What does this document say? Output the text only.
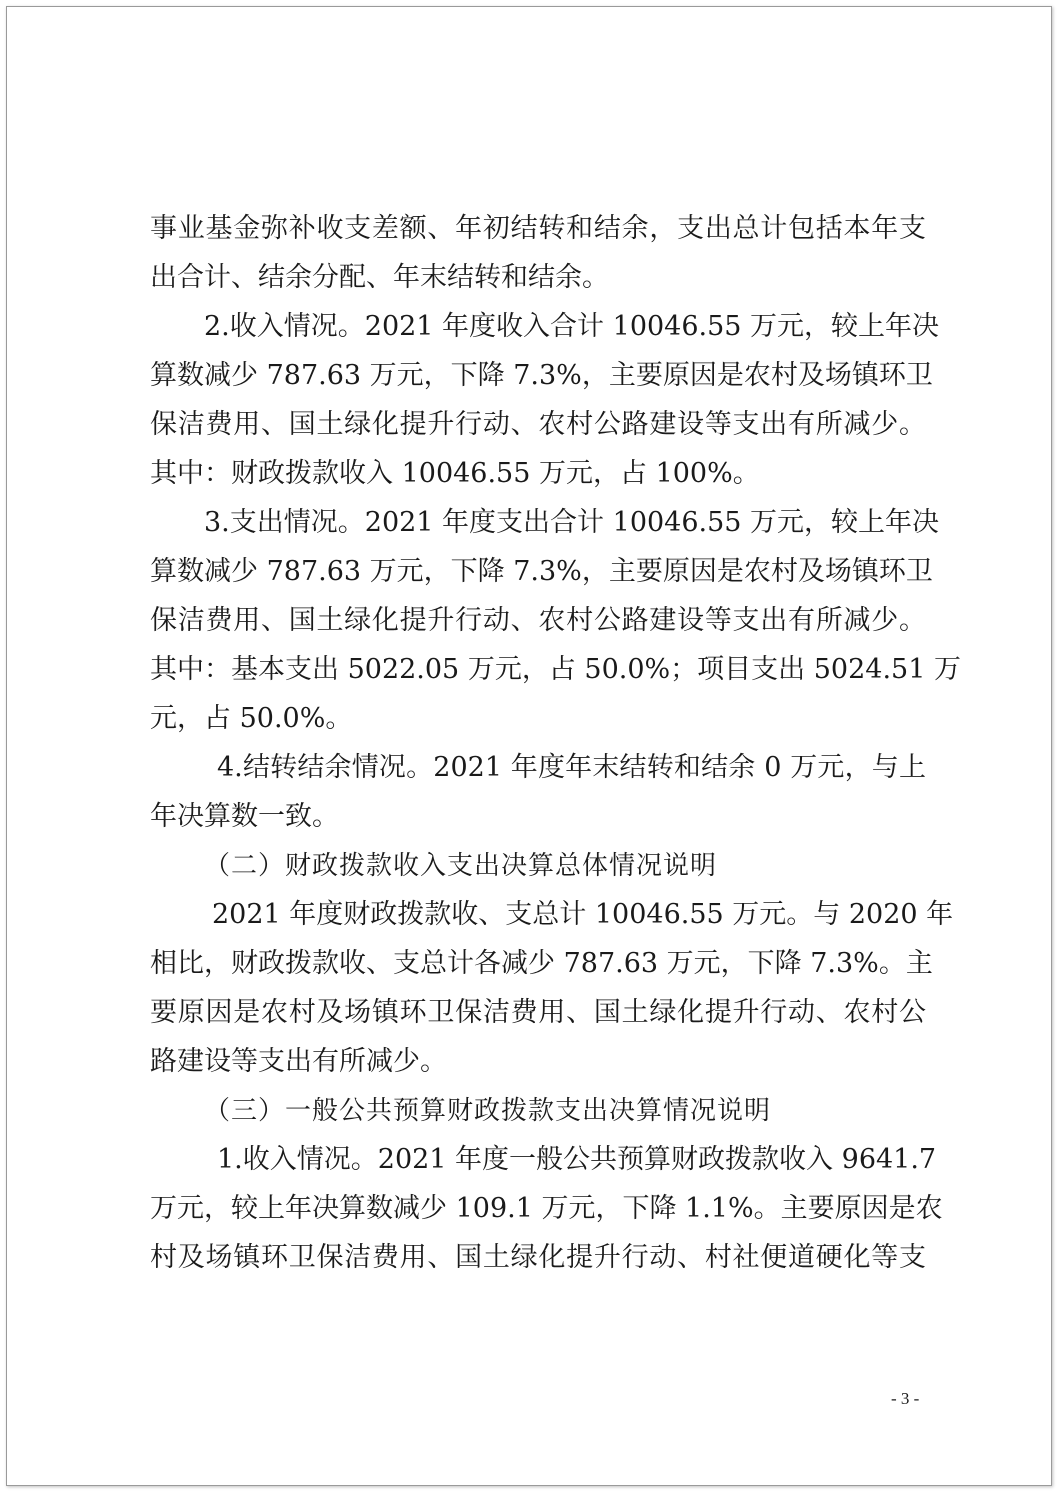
事业基金弥补收支差额、年初结转和结余，支出总计包括本年支

出合计、结余分配、年末结转和结余。

2.收入情况。2021 年度收入合计 10046.55 万元，较上年决

算数减少 787.63 万元，下降 7.3%，主要原因是农村及场镇环卫

保洁费用、国土绿化提升行动、农村公路建设等支出有所减少。

其中：财政拨款收入 10046.55 万元，占 100%。

3.支出情况。2021 年度支出合计 10046.55 万元，较上年决

算数减少 787.63 万元，下降 7.3%，主要原因是农村及场镇环卫

保洁费用、国土绿化提升行动、农村公路建设等支出有所减少。

其中：基本支出 5022.05 万元，占 50.0%；项目支出 5024.51 万

元，占 50.0%。

4.结转结余情况。2021 年度年末结转和结余 0 万元，与上

年决算数一致。

（二）财政拨款收入支出决算总体情况说明

2021 年度财政拨款收、支总计 10046.55 万元。与 2020 年

相比，财政拨款收、支总计各减少 787.63 万元，下降 7.3%。主

要原因是农村及场镇环卫保洁费用、国土绿化提升行动、农村公

路建设等支出有所减少。

（三）一般公共预算财政拨款支出决算情况说明

1.收入情况。2021 年度一般公共预算财政拨款收入 9641.7

万元，较上年决算数减少 109.1 万元，下降 1.1%。主要原因是农

村及场镇环卫保洁费用、国土绿化提升行动、村社便道硬化等支

- 3 -
